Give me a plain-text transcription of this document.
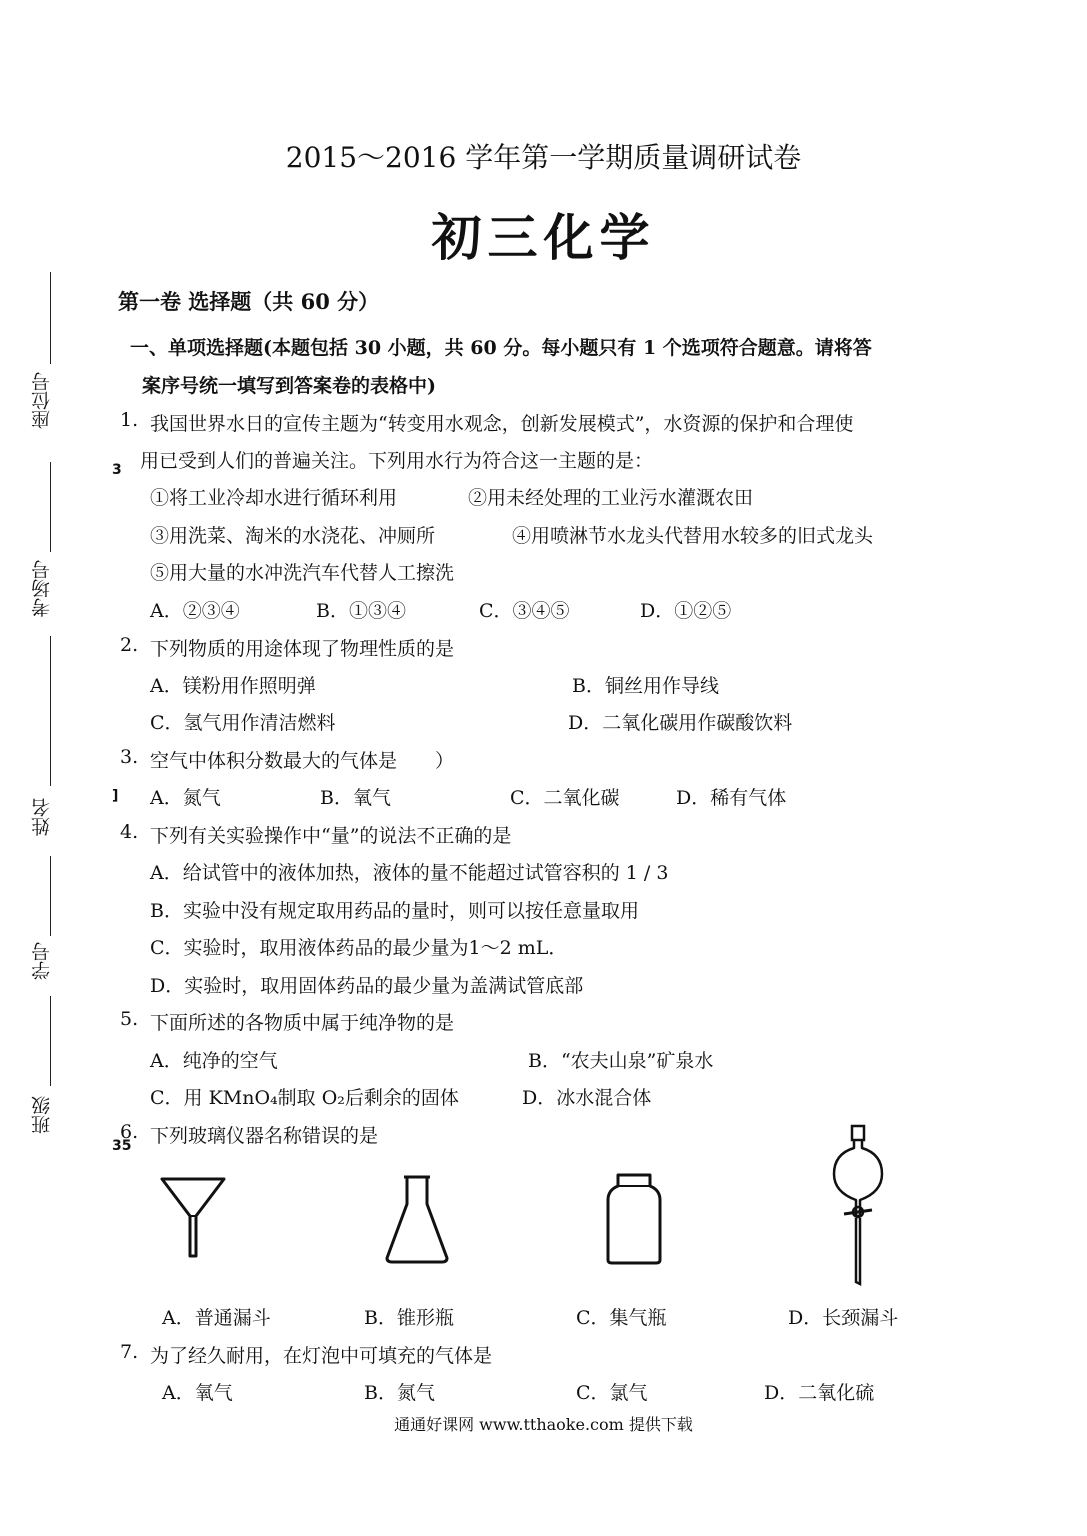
座位号
考场号
姓名
学号
班级
3
]
35
2015～2016 学年第一学期质量调研试卷
初三化学
第一卷 选择题（共 60 分）
一、单项选择题(本题包括 30 小题，共 60 分。每小题只有 1 个选项符合题意。请将答
案序号统一填写到答案卷的表格中)
1. 我国世界水日的宣传主题为“转变用水观念，创新发展模式”，水资源的保护和合理使
用已受到人们的普遍关注。下列用水行为符合这一主题的是：
①将工业冷却水进行循环利用	②用未经处理的工业污水灌溉农田
③用洗菜、淘米的水浇花、冲厕所	④用喷淋节水龙头代替用水较多的旧式龙头
⑤用大量的水冲洗汽车代替人工擦洗
A．②③④	B．①③④	C．③④⑤	D．①②⑤
2. 下列物质的用途体现了物理性质的是
A．镁粉用作照明弹	B．铜丝用作导线
C．氢气用作清洁燃料	D．二氧化碳用作碳酸饮料
3. 空气中体积分数最大的气体是　　）
A．氮气	B．氧气	C．二氧化碳	D．稀有气体
4. 下列有关实验操作中“量”的说法不正确的是
A．给试管中的液体加热，液体的量不能超过试管容积的 1 / 3
B．实验中没有规定取用药品的量时，则可以按任意量取用
C．实验时，取用液体药品的最少量为1～2 mL．
D．实验时，取用固体药品的最少量为盖满试管底部
5. 下面所述的各物质中属于纯净物的是
A．纯净的空气	B．“农夫山泉”矿泉水
C．用 KMnO₄制取 O₂后剩余的固体	D．冰水混合体
6. 下列玻璃仪器名称错误的是
A．普通漏斗	B．锥形瓶	C．集气瓶	D．长颈漏斗
7. 为了经久耐用，在灯泡中可填充的气体是
A．氧气	B．氮气	C．氯气	D．二氧化硫
通通好课网 www.tthaoke.com 提供下载
